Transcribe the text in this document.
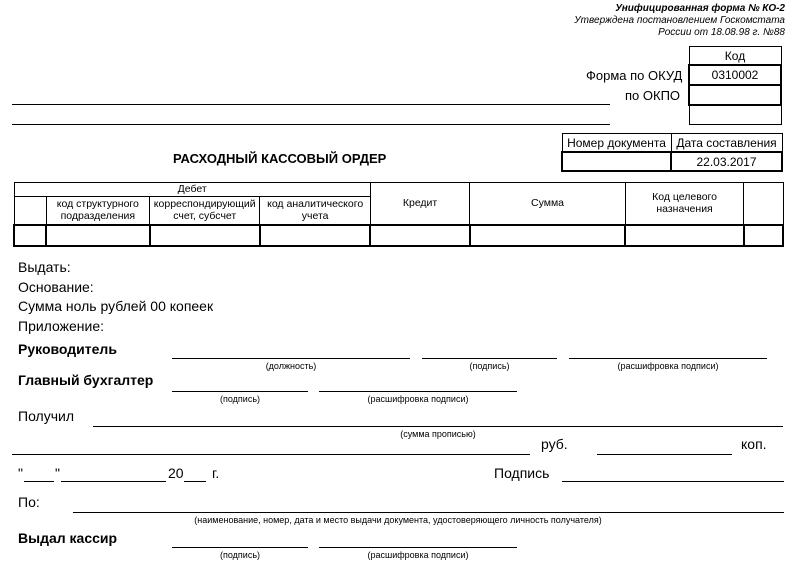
Унифицированная форма № КО-2
Утверждена постановлением Госкомстата
России от 18.08.98 г. №88
Форма по ОКУД
по ОКПО
Код
0310002

Номер документа	Дата составления
	22.03.2017
РАСХОДНЫЙ КАССОВЫЙ ОРДЕР
Дебет				Кредит	Сумма	Код целевого назначения	
	код структурного подразделения	корреспондирующий счет, субсчет	код аналитического учета				

Выдать:
Основание:
Сумма ноль рублей 00 копеек
Приложение:
Руководитель
(должность)	(подпись)	(расшифровка подписи)
Главный бухгалтер
(подпись)	(расшифровка подписи)
Получил
(сумма прописью)
руб.	коп.
" "	20 г.	Подпись
По:
(наименование, номер, дата и место выдачи документа, удостоверяющего личность получателя)
Выдал кассир
(подпись)	(расшифровка подписи)
